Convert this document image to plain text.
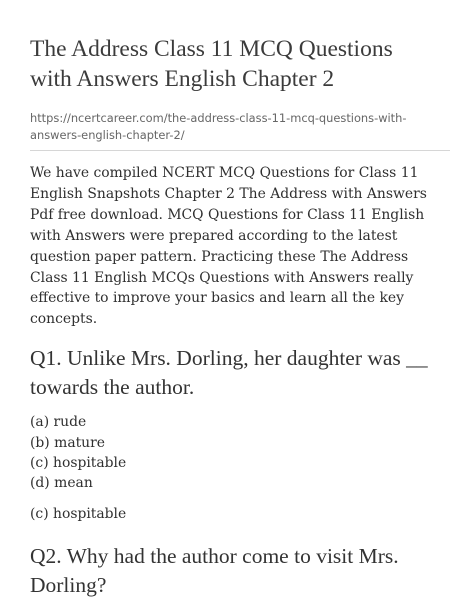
The Address Class 11 MCQ Questions
with Answers English Chapter 2
https://ncertcareer.com/the-address-class-11-mcq-questions-with-
answers-english-chapter-2/

We have compiled NCERT MCQ Questions for Class 11
English Snapshots Chapter 2 The Address with Answers
Pdf free download. MCQ Questions for Class 11 English
with Answers were prepared according to the latest
question paper pattern. Practicing these The Address
Class 11 English MCQs Questions with Answers really
effective to improve your basics and learn all the key
concepts.

Q1. Unlike Mrs. Dorling, her daughter was __
towards the author.
(a) rude
(b) mature
(c) hospitable
(d) mean

(c) hospitable

Q2. Why had the author come to visit Mrs.
Dorling?
